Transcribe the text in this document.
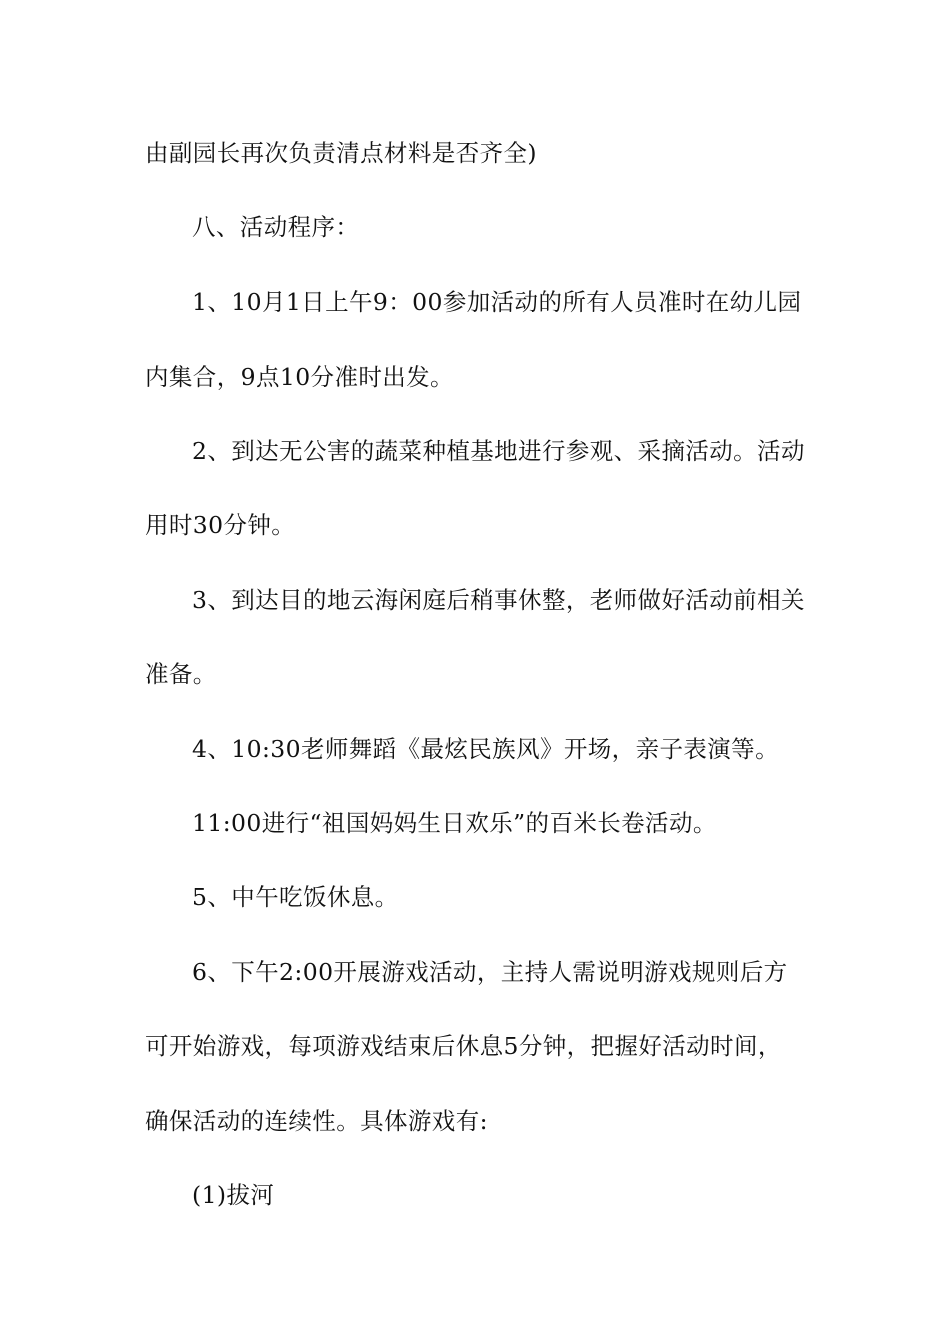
由副园长再次负责清点材料是否齐全)
八、活动程序：
1、10月1日上午9：00参加活动的所有人员准时在幼儿园
内集合，9点10分准时出发。
2、到达无公害的蔬菜种植基地进行参观、采摘活动。活动
用时30分钟。
3、到达目的地云海闲庭后稍事休整，老师做好活动前相关
准备。
4、10:30老师舞蹈《最炫民族风》开场，亲子表演等。
11:00进行“祖国妈妈生日欢乐”的百米长卷活动。
5、中午吃饭休息。
6、下午2:00开展游戏活动，主持人需说明游戏规则后方
可开始游戏，每项游戏结束后休息5分钟，把握好活动时间，
确保活动的连续性。具体游戏有:
(1)拔河
